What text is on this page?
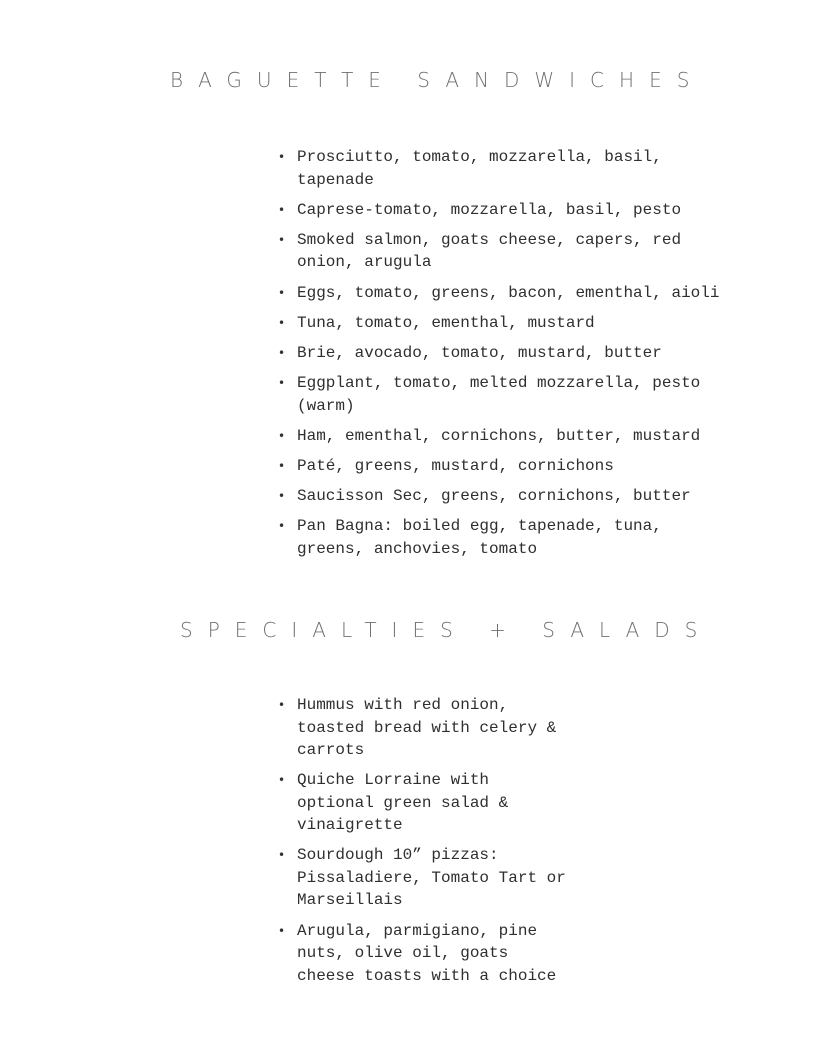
BAGUETTE SANDWICHES
• Prosciutto, tomato, mozzarella, basil, tapenade
• Caprese-tomato, mozzarella, basil, pesto
• Smoked salmon, goats cheese, capers, red onion, arugula
• Eggs, tomato, greens, bacon, ementhal, aioli
• Tuna, tomato, ementhal, mustard
• Brie, avocado, tomato, mustard, butter
• Eggplant, tomato, melted mozzarella, pesto (warm)
• Ham, ementhal, cornichons, butter, mustard
• Paté, greens, mustard, cornichons
• Saucisson Sec, greens, cornichons, butter
• Pan Bagna: boiled egg, tapenade, tuna, greens, anchovies, tomato
SPECIALTIES + SALADS
• Hummus with red onion, toasted bread with celery & carrots
• Quiche Lorraine with optional green salad & vinaigrette
• Sourdough 10” pizzas: Pissaladiere, Tomato Tart or Marseillais
• Arugula, parmigiano, pine nuts, olive oil, goats cheese toasts with a choice
